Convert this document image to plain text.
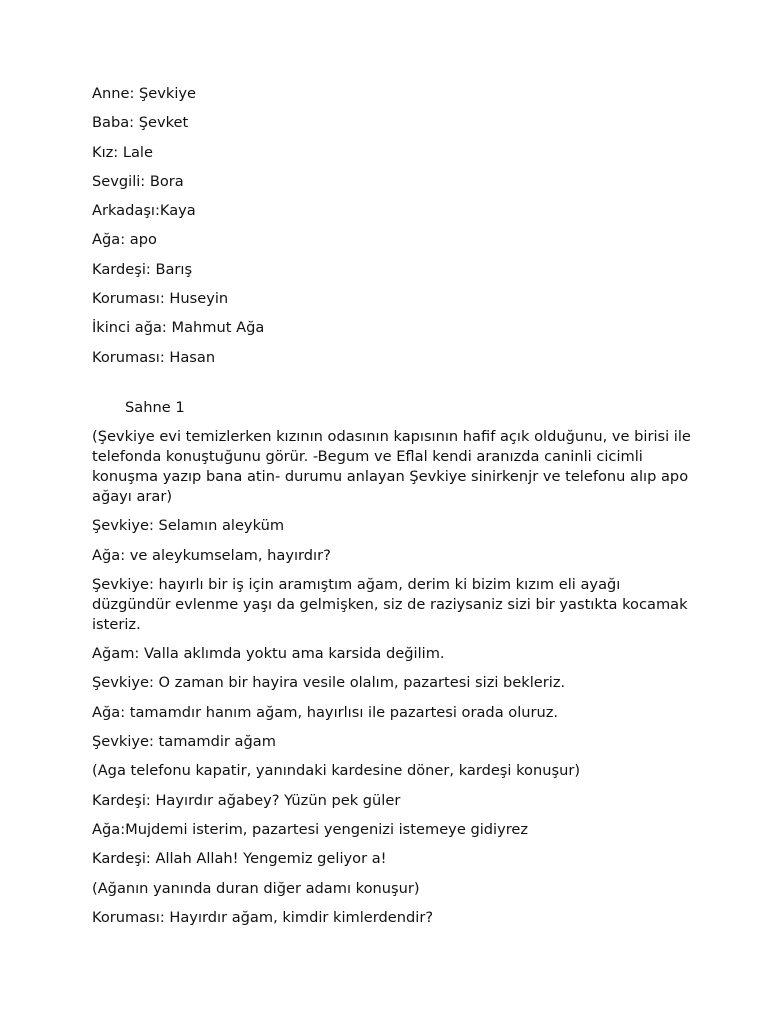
Anne: Şevkiye
Baba: Şevket
Kız: Lale
Sevgili: Bora
Arkadaşı:Kaya
Ağa: apo
Kardeşi: Barış
Koruması: Huseyin
İkinci ağa: Mahmut Ağa
Koruması: Hasan
Sahne 1
(Şevkiye evi temizlerken kızının odasının kapısının hafif açık olduğunu, ve birisi ile telefonda konuştuğunu görür. -Begum ve Eflal kendi aranızda caninli cicimli konuşma yazıp bana atin- durumu anlayan Şevkiye sinirkenjr ve telefonu alıp apo ağayı arar)
Şevkiye: Selamın aleyküm
Ağa: ve aleykumselam, hayırdır?
Şevkiye: hayırlı bir iş için aramıştım ağam, derim ki bizim kızım eli ayağı düzgündür evlenme yaşı da gelmişken, siz de raziysaniz sizi bir yastıkta kocamak isteriz.
Ağam: Valla aklımda yoktu ama karsida değilim.
Şevkiye: O zaman bir hayira vesile olalım, pazartesi sizi bekleriz.
Ağa: tamamdır hanım ağam, hayırlısı ile pazartesi orada oluruz.
Şevkiye: tamamdir ağam
(Aga telefonu kapatir, yanındaki kardesine döner, kardeşi konuşur)
Kardeşi: Hayırdır ağabey? Yüzün pek güler
Ağa:Mujdemi isterim, pazartesi yengenizi istemeye gidiyrez
Kardeşi: Allah Allah! Yengemiz geliyor a!
(Ağanın yanında duran diğer adamı konuşur)
Koruması: Hayırdır ağam, kimdir kimlerdendir?
